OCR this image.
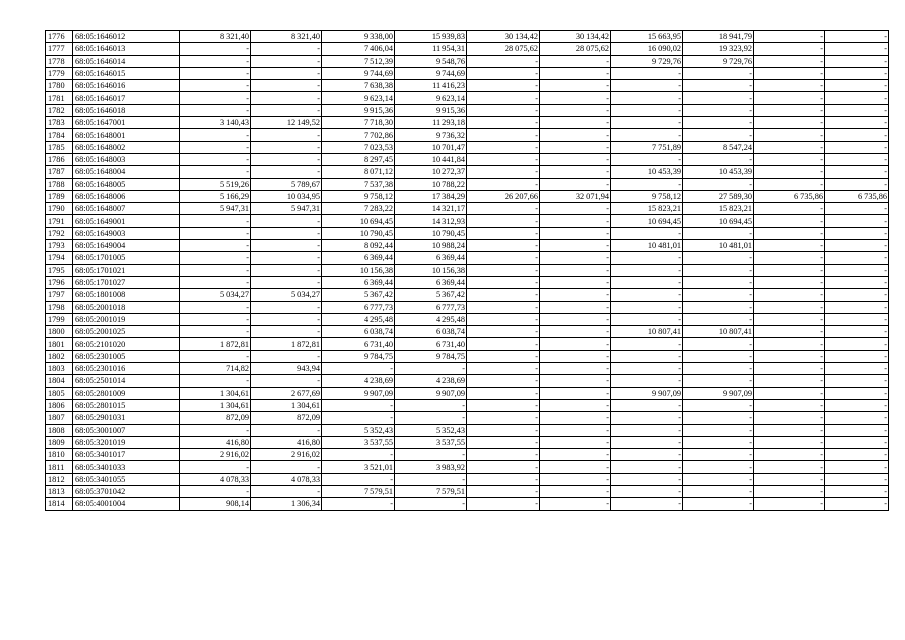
1776	68:05:1646012	8 321,40	8 321,40	9 338,00	15 939,83	30 134,42	30 134,42	15 663,95	18 941,79	-	-
1777	68:05:1646013	-	-	7 406,04	11 954,31	28 075,62	28 075,62	16 090,02	19 323,92	-	-
1778	68:05:1646014	-	-	7 512,39	9 548,76	-	-	9 729,76	9 729,76	-	-
1779	68:05:1646015	-	-	9 744,69	9 744,69	-	-	-	-	-	-
1780	68:05:1646016	-	-	7 638,38	11 416,23	-	-	-	-	-	-
1781	68:05:1646017	-	-	9 623,14	9 623,14	-	-	-	-	-	-
1782	68:05:1646018	-	-	9 915,36	9 915,36	-	-	-	-	-	-
1783	68:05:1647001	3 140,43	12 149,52	7 718,30	11 293,18	-	-	-	-	-	-
1784	68:05:1648001	-	-	7 702,86	9 736,32	-	-	-	-	-	-
1785	68:05:1648002	-	-	7 023,53	10 701,47	-	-	7 751,89	8 547,24	-	-
1786	68:05:1648003	-	-	8 297,45	10 441,84	-	-	-	-	-	-
1787	68:05:1648004	-	-	8 071,12	10 272,37	-	-	10 453,39	10 453,39	-	-
1788	68:05:1648005	5 519,26	5 789,67	7 537,38	10 788,22	-	-	-	-	-	-
1789	68:05:1648006	5 166,29	10 034,95	9 758,12	17 384,29	26 207,66	32 071,94	9 758,12	27 589,30	6 735,86	6 735,86
1790	68:05:1648007	5 947,31	5 947,31	7 283,22	14 321,17	-	-	15 823,21	15 823,21	-	-
1791	68:05:1649001	-	-	10 694,45	14 312,93	-	-	10 694,45	10 694,45	-	-
1792	68:05:1649003	-	-	10 790,45	10 790,45	-	-	-	-	-	-
1793	68:05:1649004	-	-	8 092,44	10 988,24	-	-	10 481,01	10 481,01	-	-
1794	68:05:1701005	-	-	6 369,44	6 369,44	-	-	-	-	-	-
1795	68:05:1701021	-	-	10 156,38	10 156,38	-	-	-	-	-	-
1796	68:05:1701027	-	-	6 369,44	6 369,44	-	-	-	-	-	-
1797	68:05:1801008	5 034,27	5 034,27	5 367,42	5 367,42	-	-	-	-	-	-
1798	68:05:2001018	-	-	6 777,73	6 777,73	-	-	-	-	-	-
1799	68:05:2001019	-	-	4 295,48	4 295,48	-	-	-	-	-	-
1800	68:05:2001025	-	-	6 038,74	6 038,74	-	-	10 807,41	10 807,41	-	-
1801	68:05:2101020	1 872,81	1 872,81	6 731,40	6 731,40	-	-	-	-	-	-
1802	68:05:2301005	-	-	9 784,75	9 784,75	-	-	-	-	-	-
1803	68:05:2301016	714,82	943,94	-	-	-	-	-	-	-	-
1804	68:05:2501014	-	-	4 238,69	4 238,69	-	-	-	-	-	-
1805	68:05:2801009	1 304,61	2 677,69	9 907,09	9 907,09	-	-	9 907,09	9 907,09	-	-
1806	68:05:2801015	1 304,61	1 304,61	-	-	-	-	-	-	-	-
1807	68:05:2901031	872,09	872,09	-	-	-	-	-	-	-	-
1808	68:05:3001007	-	-	5 352,43	5 352,43	-	-	-	-	-	-
1809	68:05:3201019	416,80	416,80	3 537,55	3 537,55	-	-	-	-	-	-
1810	68:05:3401017	2 916,02	2 916,02	-	-	-	-	-	-	-	-
1811	68:05:3401033	-	-	3 521,01	3 983,92	-	-	-	-	-	-
1812	68:05:3401055	4 078,33	4 078,33	-	-	-	-	-	-	-	-
1813	68:05:3701042	-	-	7 579,51	7 579,51	-	-	-	-	-	-
1814	68:05:4001004	908,14	1 306,34	-	-	-	-	-	-	-	-
